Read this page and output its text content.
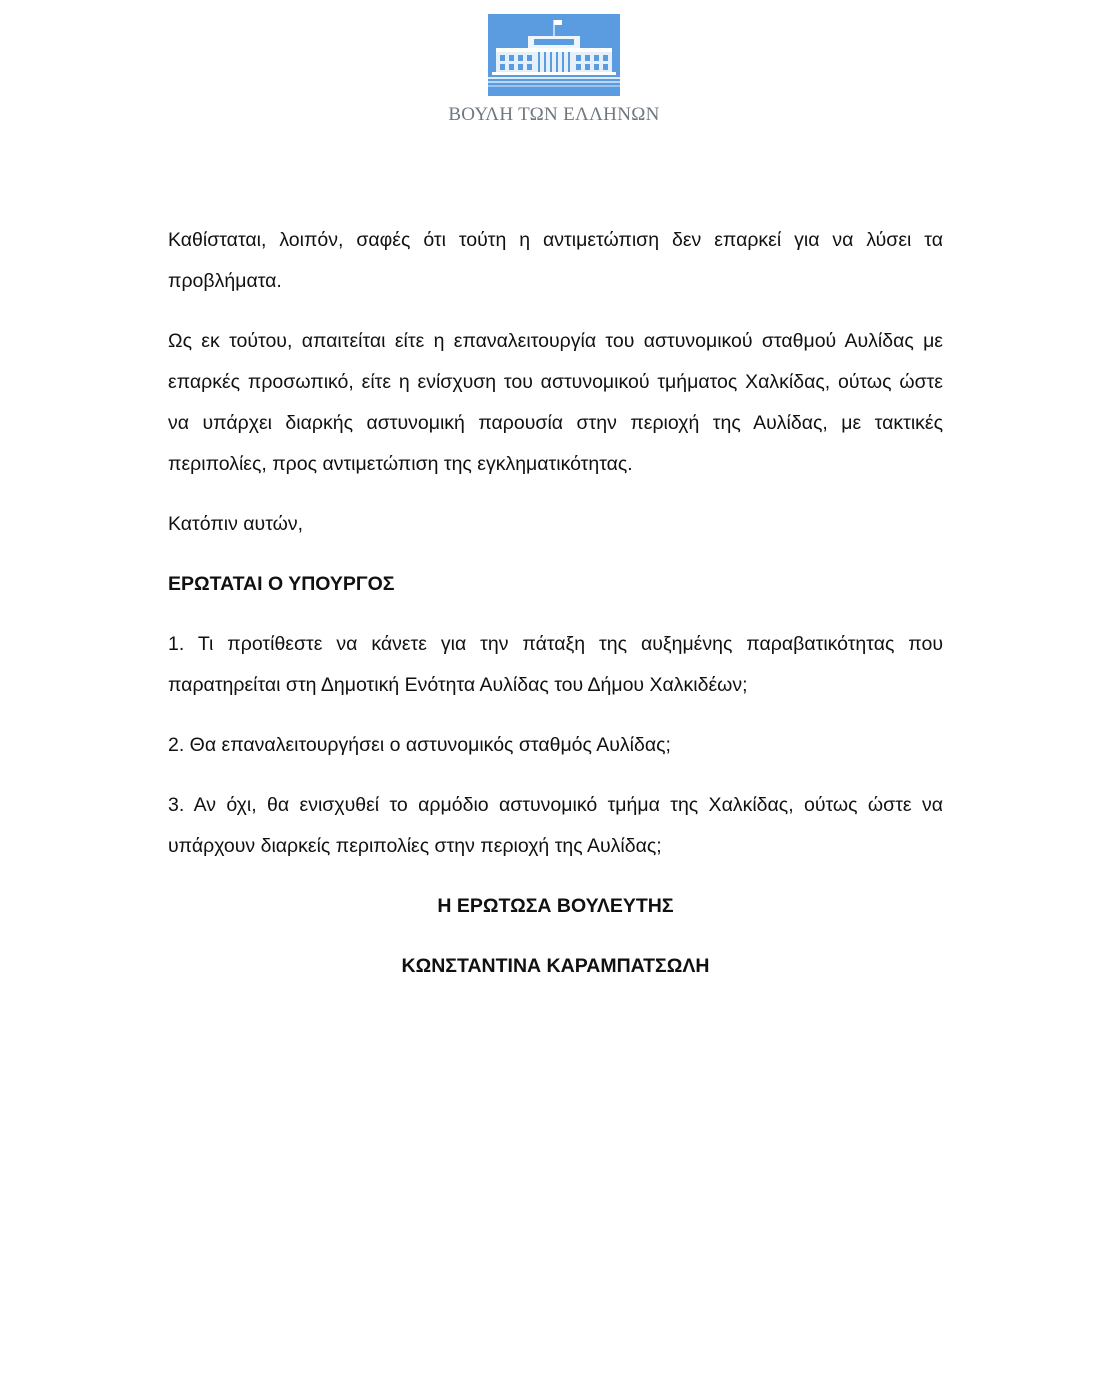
ΒΟΥΛΗ ΤΩΝ ΕΛΛΗΝΩΝ

Καθίσταται, λοιπόν, σαφές ότι τούτη η αντιμετώπιση δεν επαρκεί για να λύσει τα προβλήματα.

Ως εκ τούτου, απαιτείται είτε η επαναλειτουργία του αστυνομικού σταθμού Αυλίδας με επαρκές προσωπικό, είτε η ενίσχυση του αστυνομικού τμήματος Χαλκίδας, ούτως ώστε να υπάρχει διαρκής αστυνομική παρουσία στην περιοχή της Αυλίδας, με τακτικές περιπολίες, προς αντιμετώπιση της εγκληματικότητας.

Κατόπιν αυτών,

ΕΡΩΤΑΤΑΙ Ο ΥΠΟΥΡΓΟΣ

1. Τι προτίθεστε να κάνετε για την πάταξη της αυξημένης παραβατικότητας που παρατηρείται στη Δημοτική Ενότητα Αυλίδας του Δήμου Χαλκιδέων;

2. Θα επαναλειτουργήσει ο αστυνομικός σταθμός Αυλίδας;

3. Αν όχι, θα ενισχυθεί το αρμόδιο αστυνομικό τμήμα της Χαλκίδας, ούτως ώστε να υπάρχουν διαρκείς περιπολίες στην περιοχή της Αυλίδας;

Η ΕΡΩΤΩΣΑ ΒΟΥΛΕΥΤΗΣ

ΚΩΝΣΤΑΝΤΙΝΑ ΚΑΡΑΜΠΑΤΣΩΛΗ
